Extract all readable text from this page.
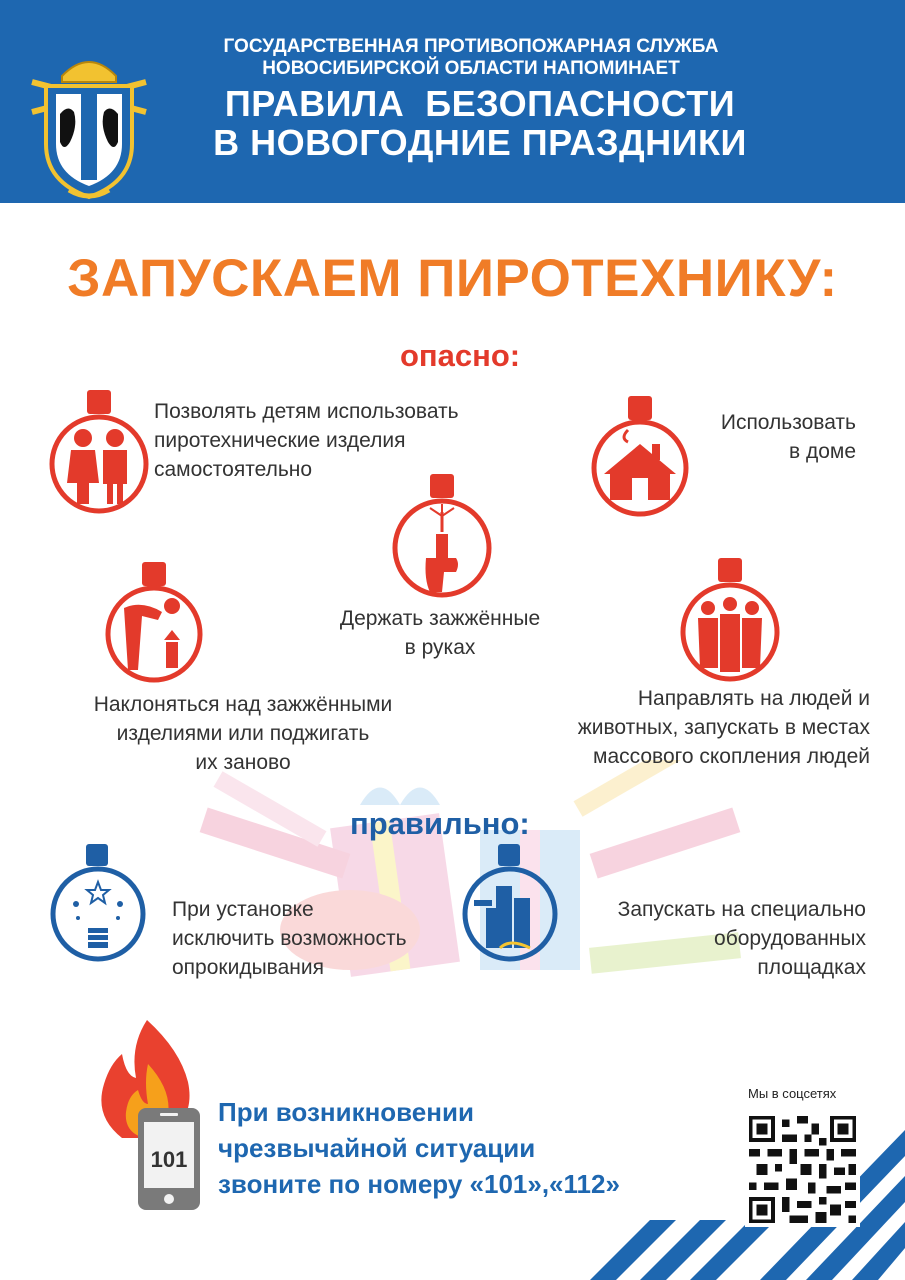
ГОСУДАРСТВЕННАЯ ПРОТИВОПОЖАРНАЯ СЛУЖБА
НОВОСИБИРСКОЙ ОБЛАСТИ НАПОМИНАЕТ
ПРАВИЛА  БЕЗОПАСНОСТИ
В НОВОГОДНИЕ ПРАЗДНИКИ
ЗАПУСКАЕМ ПИРОТЕХНИКУ:
опасно:
Позволять детям использовать
пиротехнические изделия
самостоятельно
Использовать
в доме
Держать зажжённые
в руках
Наклоняться над зажжёнными
изделиями или поджигать
их заново
Направлять на людей и
животных, запускать в местах
массового скопления людей
правильно:
При установке
исключить возможность
опрокидывания
Запускать на специально
оборудованных
площадках
101
При возникновении
чрезвычайной ситуации
звоните по номеру «101»,«112»
Мы в соцсетях
